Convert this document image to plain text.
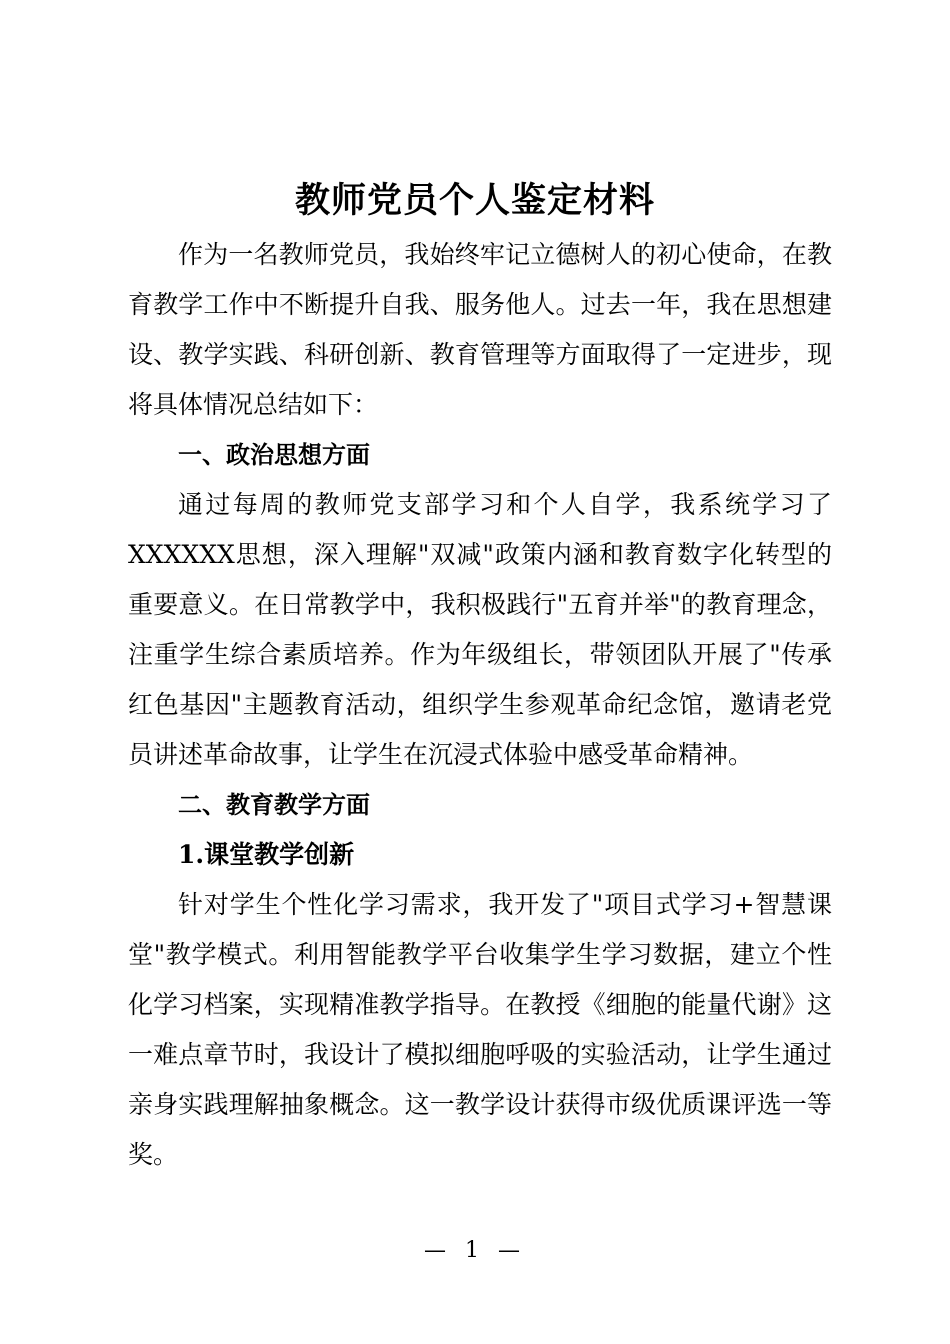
教师党员个人鉴定材料

作为一名教师党员，我始终牢记立德树人的初心使命，在教育教学工作中不断提升自我、服务他人。过去一年，我在思想建设、教学实践、科研创新、教育管理等方面取得了一定进步，现将具体情况总结如下：

一、政治思想方面

通过每周的教师党支部学习和个人自学，我系统学习了XXXXXX思想，深入理解"双减"政策内涵和教育数字化转型的重要意义。在日常教学中，我积极践行"五育并举"的教育理念，注重学生综合素质培养。作为年级组长，带领团队开展了"传承红色基因"主题教育活动，组织学生参观革命纪念馆，邀请老党员讲述革命故事，让学生在沉浸式体验中感受革命精神。

二、教育教学方面

1.课堂教学创新

针对学生个性化学习需求，我开发了"项目式学习+智慧课堂"教学模式。利用智能教学平台收集学生学习数据，建立个性化学习档案，实现精准教学指导。在教授《细胞的能量代谢》这一难点章节时，我设计了模拟细胞呼吸的实验活动，让学生通过亲身实践理解抽象概念。这一教学设计获得市级优质课评选一等奖。

— 1 —
